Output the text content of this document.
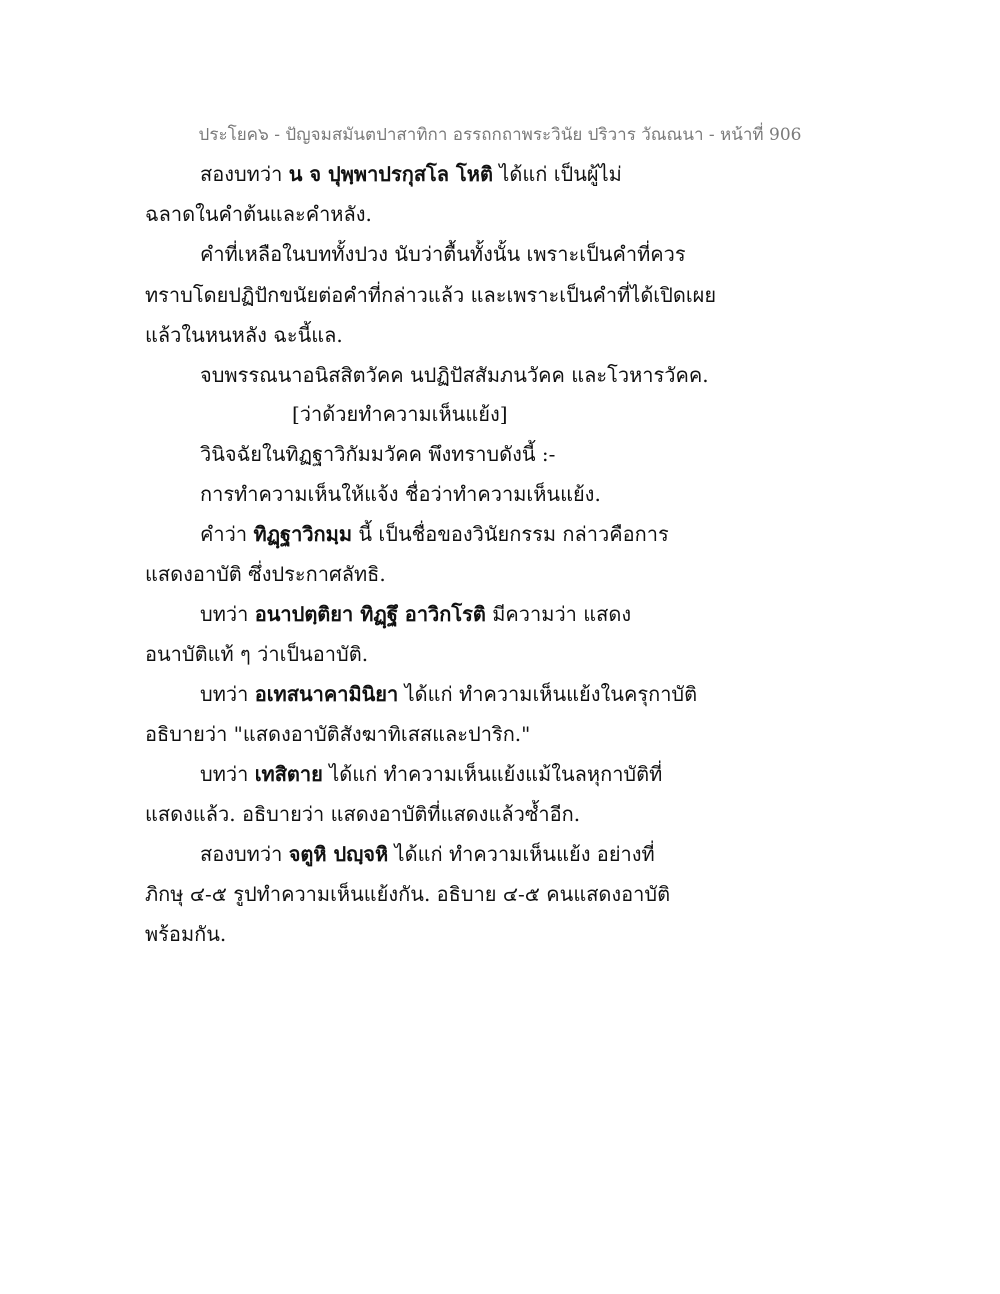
ประโยค๖ - ปัญจมสมันตปาสาทิกา อรรถกถาพระวินัย ปริวาร วัณณนา - หน้าที่ 906
สองบทว่า น จ ปุพฺพาปรกุสโล โหติ ได้แก่ เป็นผู้ไม่
ฉลาดในคำต้นและคำหลัง.
คำที่เหลือในบททั้งปวง นับว่าตื้นทั้งนั้น เพราะเป็นคำที่ควร
ทราบโดยปฏิปักขนัยต่อคำที่กล่าวแล้ว และเพราะเป็นคำที่ได้เปิดเผย
แล้วในหนหลัง ฉะนี้แล.
จบพรรณนาอนิสสิตวัคค นปฏิปัสสัมภนวัคค และโวหารวัคค.
[ว่าด้วยทำความเห็นแย้ง]
วินิจฉัยในทิฏฐาวิกัมมวัคค พึงทราบดังนี้ :-
การทำความเห็นให้แจ้ง ชื่อว่าทำความเห็นแย้ง.
คำว่า ทิฏฺฐาวิกมฺม นี้ เป็นชื่อของวินัยกรรม กล่าวคือการ
แสดงอาบัติ ซึ่งประกาศลัทธิ.
บทว่า อนาปตฺติยา ทิฏฺฐึ อาวิกโรติ มีความว่า แสดง
อนาบัติแท้ ๆ ว่าเป็นอาบัติ.
บทว่า อเทสนาคามินิยา ได้แก่ ทำความเห็นแย้งในครุกาบัติ
อธิบายว่า "แสดงอาบัติสังฆาทิเสสและปาริก."
บทว่า เทสิตาย ได้แก่ ทำความเห็นแย้งแม้ในลหุกาบัติที่
แสดงแล้ว. อธิบายว่า แสดงอาบัติที่แสดงแล้วซ้ำอีก.
สองบทว่า จตูหิ ปญฺจหิ ได้แก่ ทำความเห็นแย้ง อย่างที่
ภิกษุ ๔-๕ รูปทำความเห็นแย้งกัน. อธิบาย ๔-๕ คนแสดงอาบัติ
พร้อมกัน.
